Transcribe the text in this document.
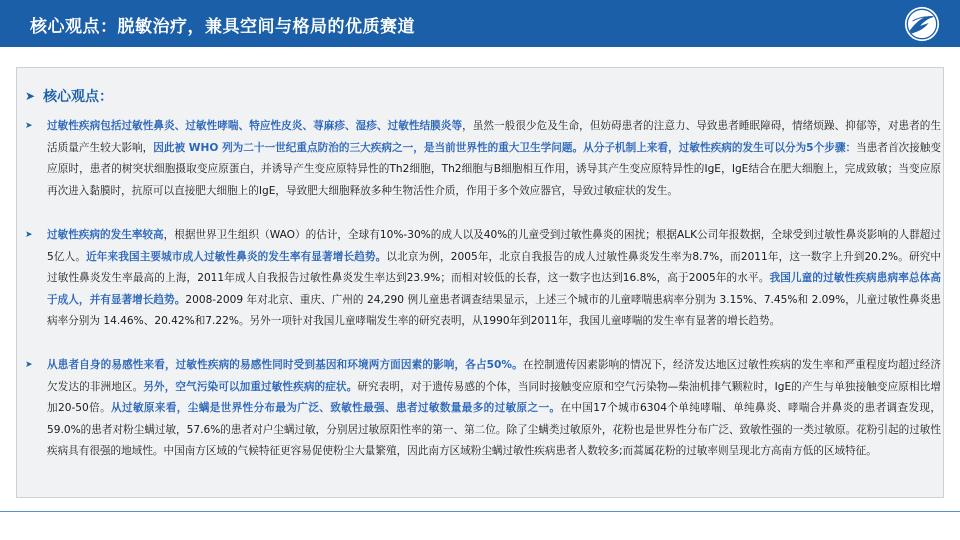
核心观点：脱敏治疗，兼具空间与格局的优质赛道
➤ 核心观点：
➤	过敏性疾病包括过敏性鼻炎、过敏性哮喘、特应性皮炎、荨麻疹、湿疹、过敏性结膜炎等，虽然一般很少危及生命，但妨碍患者的注意力、导致患者睡眠障碍，情绪烦躁、抑郁等，对患者的生活质量产生较大影响，因此被 WHO 列为二十一世纪重点防治的三大疾病之一，是当前世界性的重大卫生学问题。从分子机制上来看，过敏性疾病的发生可以分为5个步骤：当患者首次接触变应原时，患者的树突状细胞摄取变应原蛋白，并诱导产生变应原特异性的Th2细胞，Th2细胞与B细胞相互作用，诱导其产生变应原特异性的IgE，IgE结合在肥大细胞上，完成致敏；当变应原再次进入黏膜时，抗原可以直接肥大细胞上的IgE，导致肥大细胞释放多种生物活性介质，作用于多个效应器官，导致过敏症状的发生。
➤	过敏性疾病的发生率较高，根据世界卫生组织（WAO）的估计，全球有10%-30%的成人以及40%的儿童受到过敏性鼻炎的困扰；根据ALK公司年报数据，全球受到过敏性鼻炎影响的人群超过5亿人。近年来我国主要城市成人过敏性鼻炎的发生率有显著增长趋势。以北京为例，2005年，北京自我报告的成人过敏性鼻炎发生率为8.7%，而2011年，这一数字上升到20.2%。研究中过敏性鼻炎发生率最高的上海，2011年成人自我报告过敏性鼻炎发生率达到23.9%；而相对较低的长春，这一数字也达到16.8%，高于2005年的水平。我国儿童的过敏性疾病患病率总体高于成人，并有显著增长趋势。2008-2009 年对北京、重庆、广州的 24,290 例儿童患者调查结果显示，上述三个城市的儿童哮喘患病率分别为 3.15%、7.45%和 2.09%，儿童过敏性鼻炎患病率分别为 14.46%、20.42%和7.22%。另外一项针对我国儿童哮喘发生率的研究表明，从1990年到2011年，我国儿童哮喘的发生率有显著的增长趋势。
➤	从患者自身的易感性来看，过敏性疾病的易感性同时受到基因和环境两方面因素的影响，各占50%。在控制遗传因素影响的情况下，经济发达地区过敏性疾病的发生率和严重程度均超过经济欠发达的非洲地区。另外，空气污染可以加重过敏性疾病的症状。研究表明，对于遗传易感的个体，当同时接触变应原和空气污染物—柴油机排气颗粒时，IgE的产生与单独接触变应原相比增加20-50倍。从过敏原来看，尘螨是世界性分布最为广泛、致敏性最强、患者过敏数量最多的过敏原之一。在中国17个城市6304个单纯哮喘、单纯鼻炎、哮喘合并鼻炎的患者调查发现，59.0%的患者对粉尘螨过敏，57.6%的患者对户尘螨过敏，分别居过敏原阳性率的第一、第二位。除了尘螨类过敏原外，花粉也是世界性分布广泛、致敏性强的一类过敏原。花粉引起的过敏性疾病具有很强的地域性。中国南方区域的气候特征更容易促使粉尘大量繁殖，因此南方区域粉尘螨过敏性疾病患者人数较多;而蒿属花粉的过敏率则呈现北方高南方低的区域特征。
